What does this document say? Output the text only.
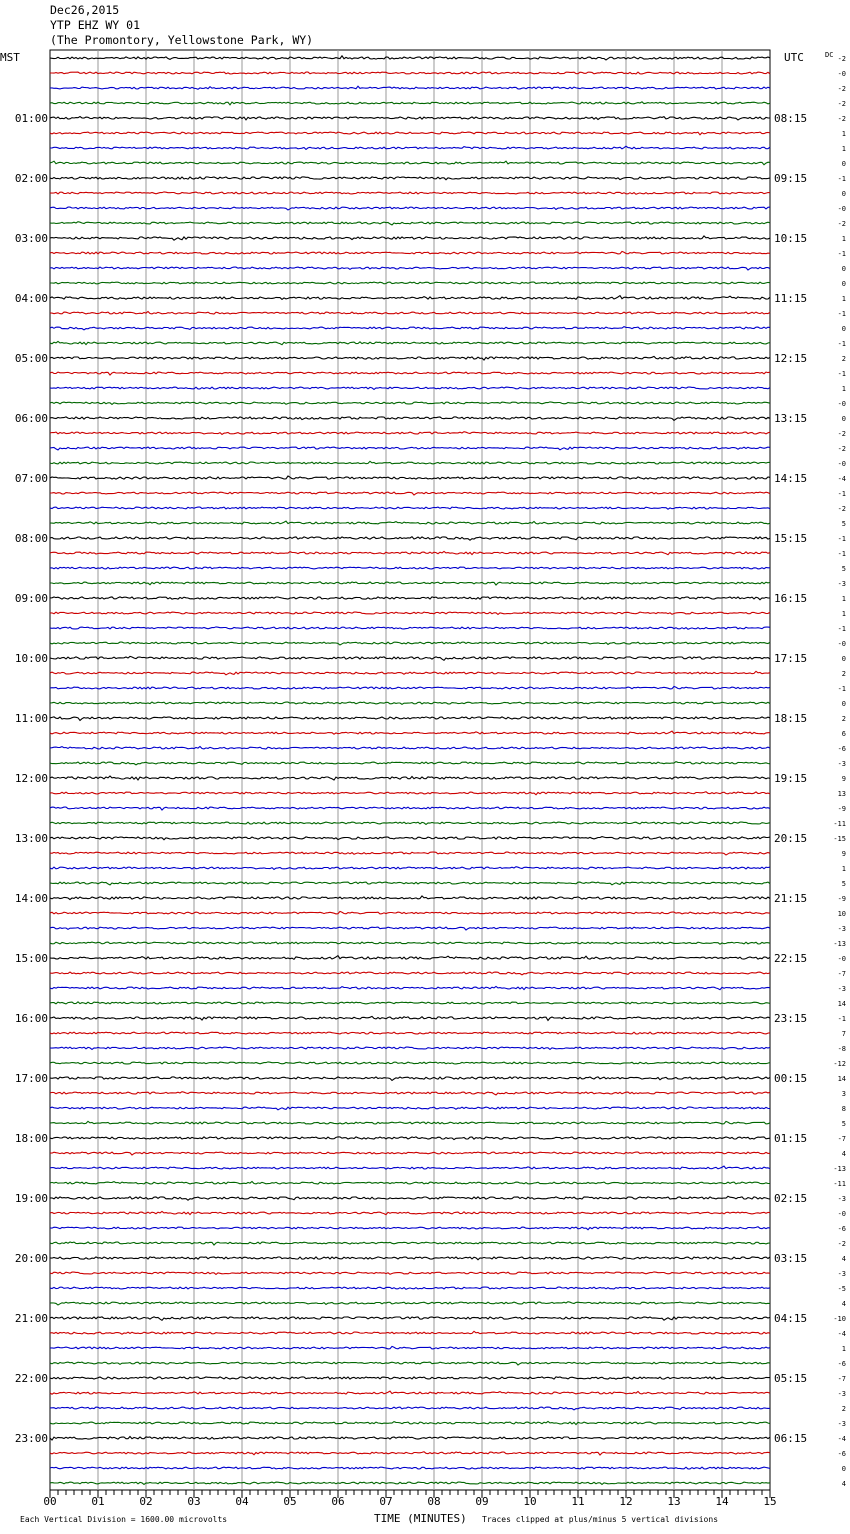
Dec26,2015
YTP EHZ WY 01
(The Promontory, Yellowstone Park, WY)
-2
-0
-2
-2
-2
1
1
0
-1
0
-0
-2
1
-1
0
0
1
-1
0
-1
2
-1
1
-0
0
-2
-2
-0
-4
-1
-2
5
-1
-1
5
-3
1
1
-1
-0
0
2
-1
0
2
6
-6
-3
9
13
-9
-11
-15
9
1
5
-9
10
-3
-13
-0
-7
-3
14
-1
7
-8
-12
14
3
8
5
-7
4
-13
-11
-3
-0
-6
-2
4
-3
-5
4
-10
-4
1
-6
-7
-3
2
-3
-4
-6
0
4
DC
MST	UTC
01:00	08:15
02:00	09:15
03:00	10:15
04:00	11:15
05:00	12:15
06:00	13:15
07:00	14:15
08:00	15:15
09:00	16:15
10:00	17:15
11:00	18:15
12:00	19:15
13:00	20:15
14:00	21:15
15:00	22:15
16:00	23:15
17:00	00:15
18:00	01:15
19:00	02:15
20:00	03:15
21:00	04:15
22:00	05:15
23:00	06:15
00	01	02	03	04	05	06	07	08	09	10	11	12	13	14	15
Each Vertical Division = 1600.00 microvolts	TIME (MINUTES) Traces clipped at plus/minus 5 vertical divisions
